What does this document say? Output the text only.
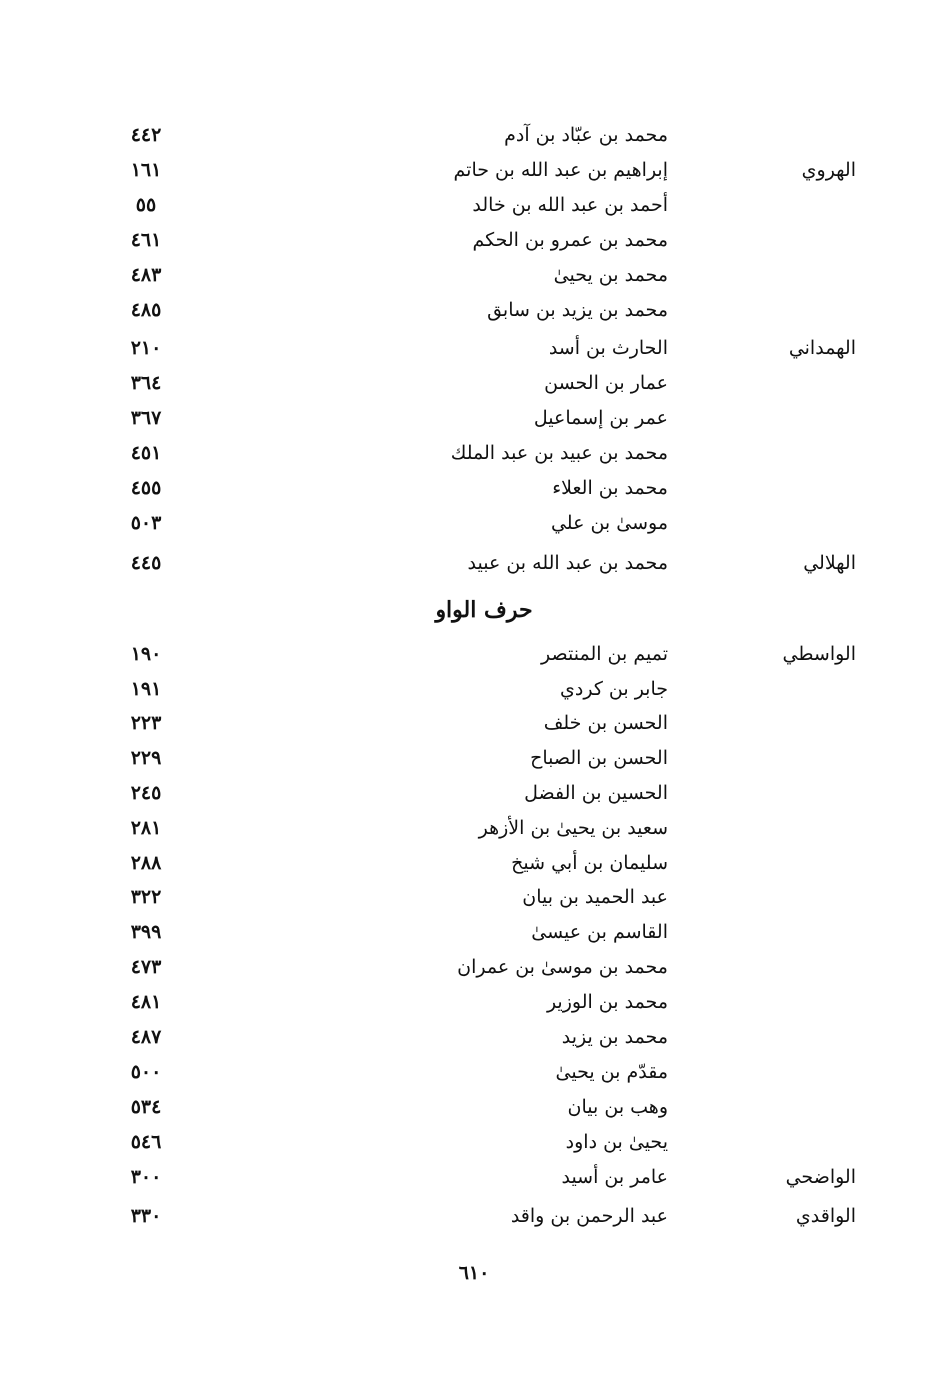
محمد بن عبّاد بن آدم
٤٤٢
الهروي
إبراهيم بن عبد الله بن حاتم
١٦١
أحمد بن عبد الله بن خالد
٥٥
محمد بن عمرو بن الحكم
٤٦١
محمد بن يحيىٰ
٤٨٣
محمد بن يزيد بن سابق
٤٨٥
الهمداني
الحارث بن أسد
٢١٠
عمار بن الحسن
٣٦٤
عمر بن إسماعيل
٣٦٧
محمد بن عبيد بن عبد الملك
٤٥١
محمد بن العلاء
٤٥٥
موسىٰ بن علي
٥٠٣
الهلالي
محمد بن عبد الله بن عبيد
٤٤٥
حرف الواو
الواسطي
تميم بن المنتصر
١٩٠
جابر بن كردي
١٩١
الحسن بن خلف
٢٢٣
الحسن بن الصباح
٢٢٩
الحسين بن الفضل
٢٤٥
سعيد بن يحيىٰ بن الأزهر
٢٨١
سليمان بن أبي شيخ
٢٨٨
عبد الحميد بن بيان
٣٢٢
القاسم بن عيسىٰ
٣٩٩
محمد بن موسىٰ بن عمران
٤٧٣
محمد بن الوزير
٤٨١
محمد بن يزيد
٤٨٧
مقدّم بن يحيىٰ
٥٠٠
وهب بن بيان
٥٣٤
يحيىٰ بن داود
٥٤٦
الواضحي
عامر بن أسيد
٣٠٠
الواقدي
عبد الرحمن بن واقد
٣٣٠
٦١٠
